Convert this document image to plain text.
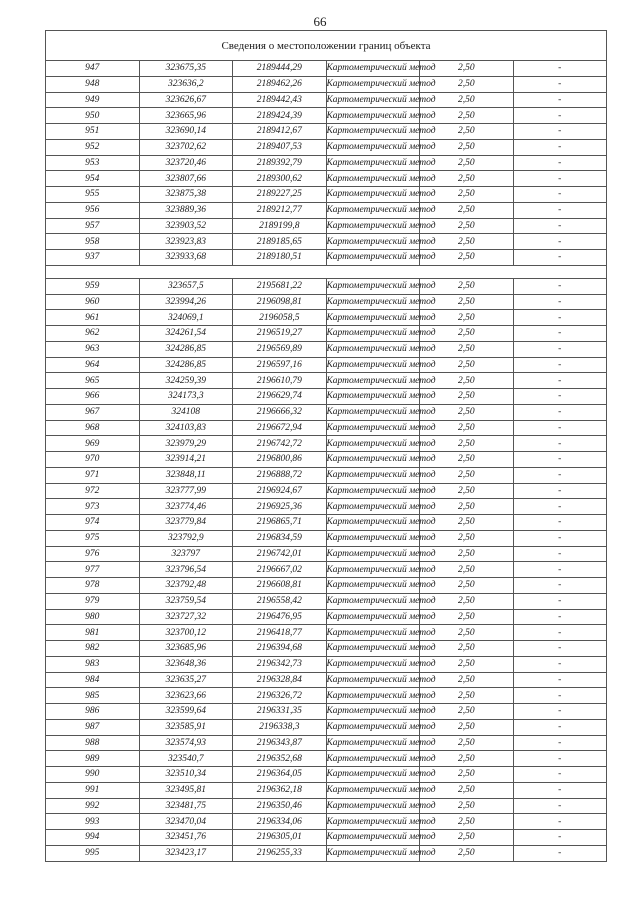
66
Сведения о местоположении границ объекта					
947	323675,35	2189444,29	Картометрический метод	2,50	-
948	323636,2	2189462,26	Картометрический метод	2,50	-
949	323626,67	2189442,43	Картометрический метод	2,50	-
950	323665,96	2189424,39	Картометрический метод	2,50	-
951	323690,14	2189412,67	Картометрический метод	2,50	-
952	323702,62	2189407,53	Картометрический метод	2,50	-
953	323720,46	2189392,79	Картометрический метод	2,50	-
954	323807,66	2189300,62	Картометрический метод	2,50	-
955	323875,38	2189227,25	Картометрический метод	2,50	-
956	323889,36	2189212,77	Картометрический метод	2,50	-
957	323903,52	2189199,8	Картометрический метод	2,50	-
958	323923,83	2189185,65	Картометрический метод	2,50	-
937	323933,68	2189180,51	Картометрический метод	2,50	-

959	323657,5	2195681,22	Картометрический метод	2,50	-
960	323994,26	2196098,81	Картометрический метод	2,50	-
961	324069,1	2196058,5	Картометрический метод	2,50	-
962	324261,54	2196519,27	Картометрический метод	2,50	-
963	324286,85	2196569,89	Картометрический метод	2,50	-
964	324286,85	2196597,16	Картометрический метод	2,50	-
965	324259,39	2196610,79	Картометрический метод	2,50	-
966	324173,3	2196629,74	Картометрический метод	2,50	-
967	324108	2196666,32	Картометрический метод	2,50	-
968	324103,83	2196672,94	Картометрический метод	2,50	-
969	323979,29	2196742,72	Картометрический метод	2,50	-
970	323914,21	2196800,86	Картометрический метод	2,50	-
971	323848,11	2196888,72	Картометрический метод	2,50	-
972	323777,99	2196924,67	Картометрический метод	2,50	-
973	323774,46	2196925,36	Картометрический метод	2,50	-
974	323779,84	2196865,71	Картометрический метод	2,50	-
975	323792,9	2196834,59	Картометрический метод	2,50	-
976	323797	2196742,01	Картометрический метод	2,50	-
977	323796,54	2196667,02	Картометрический метод	2,50	-
978	323792,48	2196608,81	Картометрический метод	2,50	-
979	323759,54	2196558,42	Картометрический метод	2,50	-
980	323727,32	2196476,95	Картометрический метод	2,50	-
981	323700,12	2196418,77	Картометрический метод	2,50	-
982	323685,96	2196394,68	Картометрический метод	2,50	-
983	323648,36	2196342,73	Картометрический метод	2,50	-
984	323635,27	2196328,84	Картометрический метод	2,50	-
985	323623,66	2196326,72	Картометрический метод	2,50	-
986	323599,64	2196331,35	Картометрический метод	2,50	-
987	323585,91	2196338,3	Картометрический метод	2,50	-
988	323574,93	2196343,87	Картометрический метод	2,50	-
989	323540,7	2196352,68	Картометрический метод	2,50	-
990	323510,34	2196364,05	Картометрический метод	2,50	-
991	323495,81	2196362,18	Картометрический метод	2,50	-
992	323481,75	2196350,46	Картометрический метод	2,50	-
993	323470,04	2196334,06	Картометрический метод	2,50	-
994	323451,76	2196305,01	Картометрический метод	2,50	-
995	323423,17	2196255,33	Картометрический метод	2,50	-
